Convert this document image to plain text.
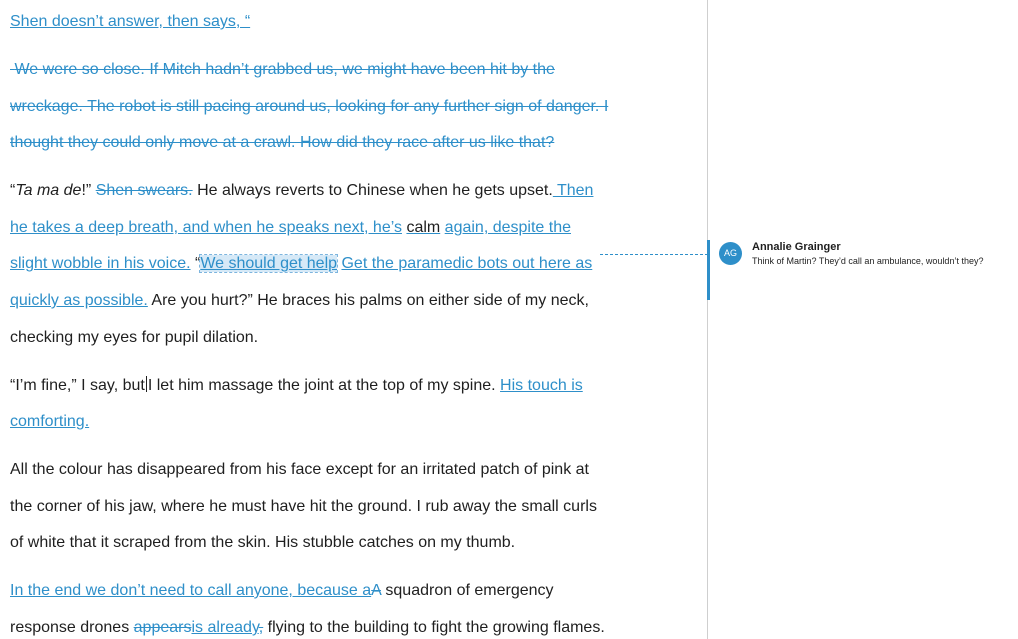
Shen doesn’t answer, then says, “
We were so close. If Mitch hadn’t grabbed us, we might have been hit by the
wreckage. The robot is still pacing around us, looking for any further sign of danger. I
thought they could only move at a crawl. How did they race after us like that?
“Ta ma de!” Shen swears. He always reverts to Chinese when he gets upset. Then
he takes a deep breath, and when he speaks next, he’s calm again, despite the
slight wobble in his voice. “We should get help Get the paramedic bots out here as
quickly as possible. Are you hurt?” He braces his palms on either side of my neck,
checking my eyes for pupil dilation.
“I’m fine,” I say, but I let him massage the joint at the top of my spine. His touch is
comforting.
All the colour has disappeared from his face except for an irritated patch of pink at
the corner of his jaw, where he must have hit the ground. I rub away the small curls
of white that it scraped from the skin. His stubble catches on my thumb.
In the end we don’t need to call anyone, because aA squadron of emergency
response drones appearsis already, flying to the building to fight the growing flames.
AG	Annalie Grainger
Think of Martin? They’d call an ambulance, wouldn’t they?
